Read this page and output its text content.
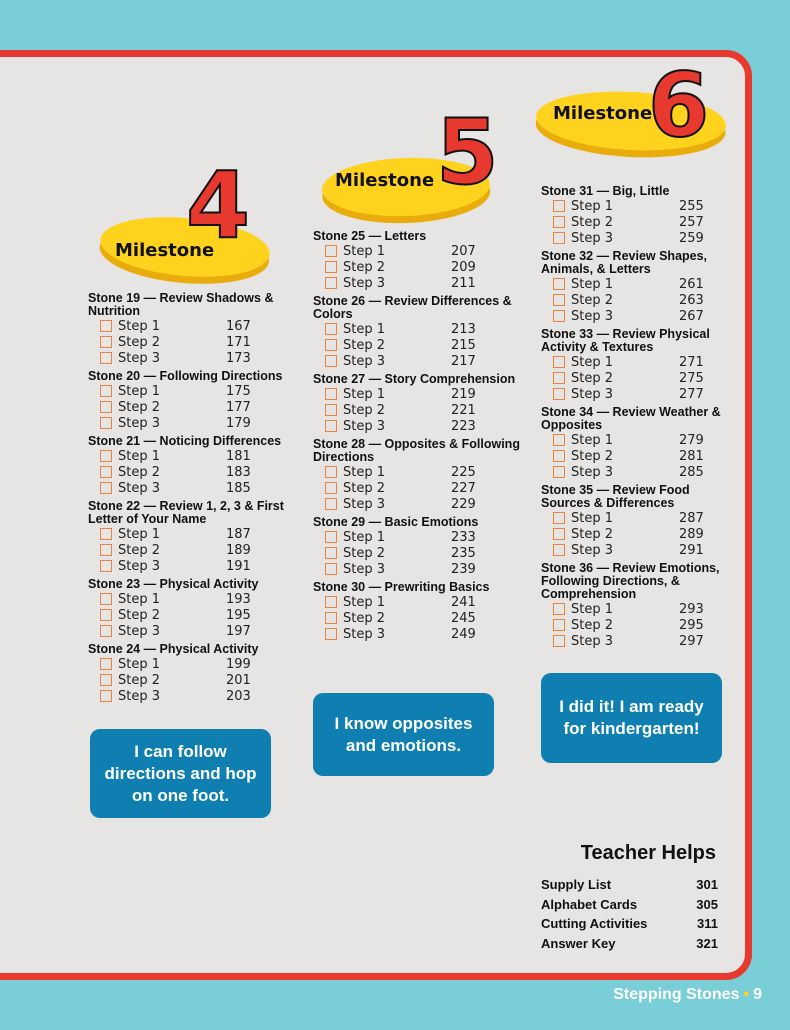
4
Milestone
5
Milestone
6
Milestone
Stone 19 — Review Shadows & Nutrition
Step 1	167
Step 2	171
Step 3	173
Stone 20 — Following Directions
Step 1	175
Step 2	177
Step 3	179
Stone 21 — Noticing Differences
Step 1	181
Step 2	183
Step 3	185
Stone 22 — Review 1, 2, 3 & First Letter of Your Name
Step 1	187
Step 2	189
Step 3	191
Stone 23 — Physical Activity
Step 1	193
Step 2	195
Step 3	197
Stone 24 — Physical Activity
Step 1	199
Step 2	201
Step 3	203
Stone 25 — Letters
Step 1	207
Step 2	209
Step 3	211
Stone 26 — Review Differences & Colors
Step 1	213
Step 2	215
Step 3	217
Stone 27 — Story Comprehension
Step 1	219
Step 2	221
Step 3	223
Stone 28 — Opposites & Following Directions
Step 1	225
Step 2	227
Step 3	229
Stone 29 — Basic Emotions
Step 1	233
Step 2	235
Step 3	239
Stone 30 — Prewriting Basics
Step 1	241
Step 2	245
Step 3	249
Stone 31 — Big, Little
Step 1	255
Step 2	257
Step 3	259
Stone 32 — Review Shapes, Animals, & Letters
Step 1	261
Step 2	263
Step 3	267
Stone 33 — Review Physical Activity & Textures
Step 1	271
Step 2	275
Step 3	277
Stone 34 — Review Weather & Opposites
Step 1	279
Step 2	281
Step 3	285
Stone 35 — Review Food Sources & Differences
Step 1	287
Step 2	289
Step 3	291
Stone 36 — Review Emotions, Following Directions, & Comprehension
Step 1	293
Step 2	295
Step 3	297
I can follow directions and hop on one foot.
I know opposites and emotions.
I did it! I am ready for kindergarten!
Teacher Helps
Supply List	301
Alphabet Cards	305
Cutting Activities	311
Answer Key	321
Stepping Stones • 9
